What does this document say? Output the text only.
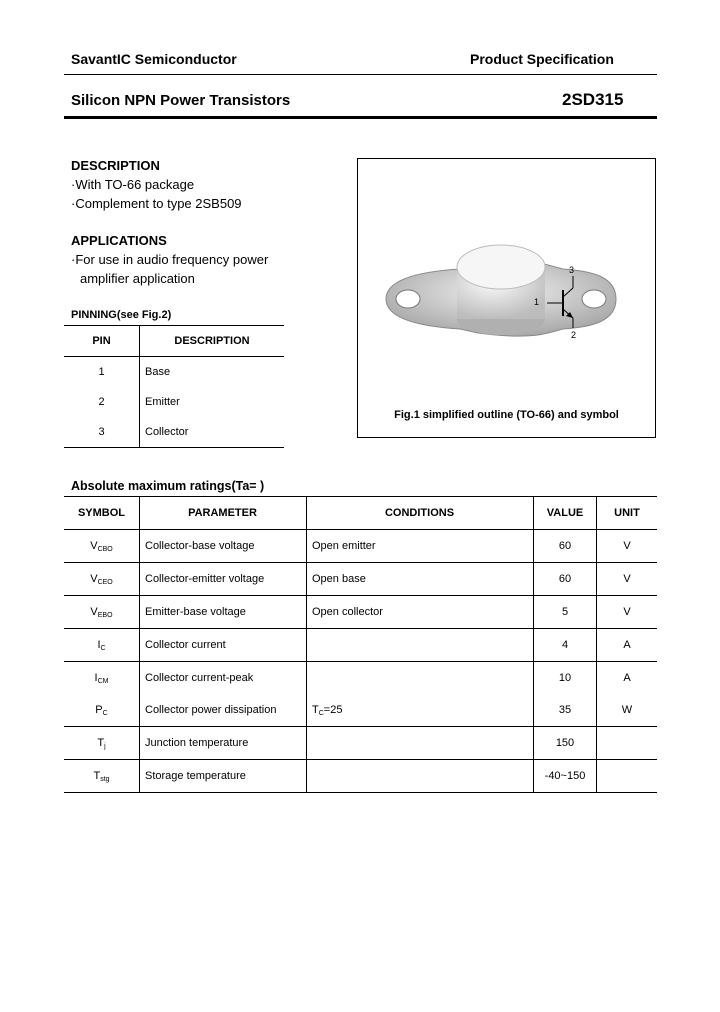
SavantIC Semiconductor	Product Specification
Silicon NPN Power Transistors	2SD315
DESCRIPTION
·With TO-66 package
·Complement to type 2SB509
APPLICATIONS
·For use in audio frequency power
amplifier application
PINNING(see Fig.2)
PIN	DESCRIPTION
1	Base
2	Emitter
3	Collector
1
2
3
Fig.1 simplified outline (TO-66) and symbol
Absolute maximum ratings(Ta= )
SYMBOL	PARAMETER	CONDITIONS	VALUE	UNIT
$V_{CBO}$	Collector-base voltage	Open emitter	60	V
$V_{CEO}$	Collector-emitter voltage	Open base	60	V
$V_{EBO}$	Emitter-base voltage	Open collector	5	V
$I_C$	Collector current		4	A
$I_{CM}$	Collector current-peak		10	A
$P_C$	Collector power dissipation	$T_C=25$	35	W
$T_j$	Junction temperature		150	
$T_{stg}$	Storage temperature		-40~150	
